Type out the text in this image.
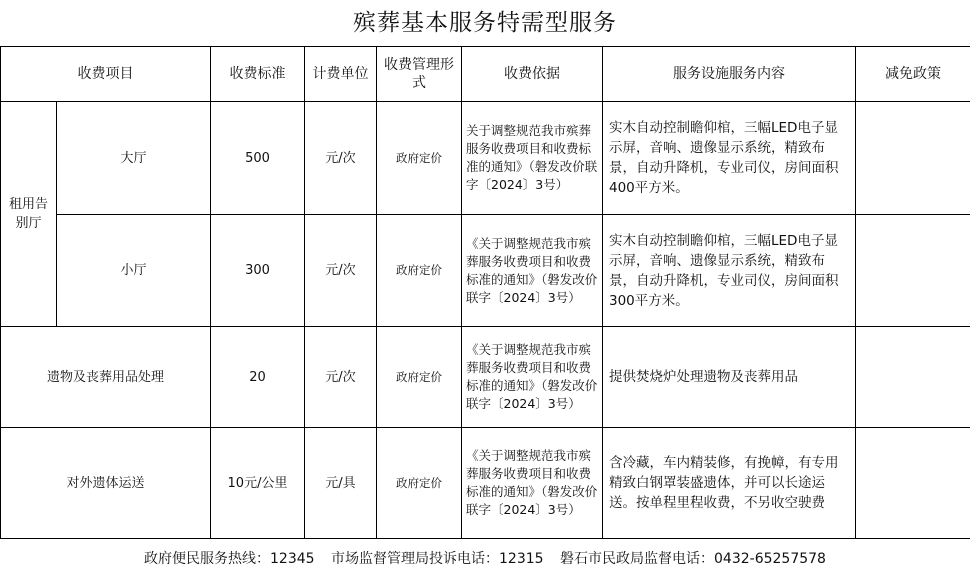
殡葬基本服务特需型服务
收费项目		收费标准	计费单位	收费管理形式	收费依据	服务设施服务内容	减免政策
租用告别厅	大厅	500	元/次	政府定价	关于调整规范我市殡葬服务收费项目和收费标准的通知》（磐发改价联字〔2024〕3号）	实木自动控制瞻仰棺，三幅LED电子显示屏，音响、遗像显示系统，精致布景，自动升降机，专业司仪，房间面积400平方米。	
	小厅	300	元/次	政府定价	《关于调整规范我市殡葬服务收费项目和收费标准的通知》（磐发改价联字〔2024〕3号）	实木自动控制瞻仰棺，三幅LED电子显示屏，音响、遗像显示系统，精致布景，自动升降机，专业司仪，房间面积300平方米。	
遗物及丧葬用品处理		20	元/次	政府定价	《关于调整规范我市殡葬服务收费项目和收费标准的通知》（磐发改价联字〔2024〕3号）	提供焚烧炉处理遗物及丧葬用品	
对外遗体运送		10元/公里	元/具	政府定价	《关于调整规范我市殡葬服务收费项目和收费标准的通知》（磐发改价联字〔2024〕3号）	含冷藏，车内精装修，有挽幛，有专用精致白钢罩装盛遗体，并可以长途运送。按单程里程收费，不另收空驶费	
政府便民服务热线：12345 市场监督管理局投诉电话：12315 磐石市民政局监督电话：0432-65257578
